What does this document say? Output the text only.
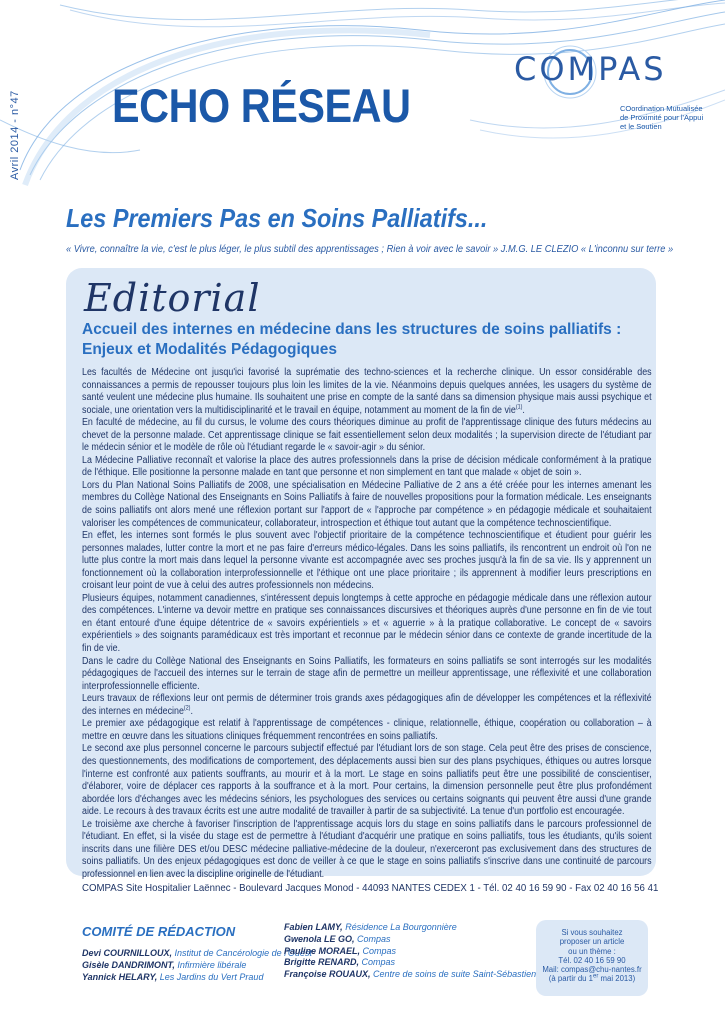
Avril 2014 - n°47 ECHO RÉSEAU
COMPAS
COordination Mutualisée
de Proximité pour l'Appui
et le Soutien
Les Premiers Pas en Soins Palliatifs...
« Vivre, connaître la vie, c'est le plus léger, le plus subtil des apprentissages ; Rien à voir avec le savoir » J.M.G. LE CLEZIO « L'inconnu sur terre »
Editorial
Accueil des internes en médecine dans les structures de soins palliatifs :
Enjeux et Modalités Pédagogiques

Les facultés de Médecine ont jusqu'ici favorisé la suprématie des techno-sciences et la recherche clinique. Un essor considérable des connaissances a permis de repousser toujours plus loin les limites de la vie. Néanmoins depuis quelques années, les usagers du système de santé veulent une médecine plus humaine. Ils souhaitent une prise en compte de la santé dans sa dimension physique mais aussi psychique et sociale, une orientation vers la multidisciplinarité et le travail en équipe, notamment au moment de la fin de vie$^{(1)}$.

En faculté de médecine, au fil du cursus, le volume des cours théoriques diminue au profit de l'apprentissage clinique des futurs médecins au chevet de la personne malade. Cet apprentissage clinique se fait essentiellement selon deux modalités ; la supervision directe de l'étudiant par le médecin sénior et le modèle de rôle où l'étudiant regarde le « savoir-agir » du sénior.

La Médecine Palliative reconnaît et valorise la place des autres professionnels dans la prise de décision médicale conformément à la pratique de l'éthique. Elle positionne la personne malade en tant que personne et non simplement en tant que malade « objet de soin ».

Lors du Plan National Soins Palliatifs de 2008, une spécialisation en Médecine Palliative de 2 ans a été créée pour les internes amenant les membres du Collège National des Enseignants en Soins Palliatifs à faire de nouvelles propositions pour la formation médicale. Les enseignants de soins palliatifs ont alors mené une réflexion portant sur l'apport de « l'approche par compétence » en pédagogie médicale et souhaitaient valoriser les compétences de communicateur, collaborateur, introspection et éthique tout autant que la compétence technoscientifique.

En effet, les internes sont formés le plus souvent avec l'objectif prioritaire de la compétence technoscientifique et étudient pour guérir les personnes malades, lutter contre la mort et ne pas faire d'erreurs médico-légales. Dans les soins palliatifs, ils rencontrent un endroit où l'on ne lutte plus contre la mort mais dans lequel la personne vivante est accompagnée avec ses proches jusqu'à la fin de sa vie. Ils y apprennent un fonctionnement où la collaboration interprofessionnelle et l'éthique ont une place prioritaire ; ils apprennent à modifier leurs prescriptions en croisant leur point de vue à celui des autres professionnels non médecins.

Plusieurs équipes, notamment canadiennes, s'intéressent depuis longtemps à cette approche en pédagogie médicale dans une réflexion autour des compétences. L'interne va devoir mettre en pratique ses connaissances discursives et théoriques auprès d'une personne en fin de vie tout en étant entouré d'une équipe détentrice de « savoirs expérientiels » et « aguerrie » à la pratique collaborative. Le concept de « savoirs expérientiels » des soignants paramédicaux est très important et reconnue par le médecin sénior dans ce contexte de grande incertitude de la fin de vie.

Dans le cadre du Collège National des Enseignants en Soins Palliatifs, les formateurs en soins palliatifs se sont interrogés sur les modalités pédagogiques de l'accueil des internes sur le terrain de stage afin de permettre un meilleur apprentissage, une réflexivité et une collaboration interprofessionnelle efficiente.

Leurs travaux de réflexions leur ont permis de déterminer trois grands axes pédagogiques afin de développer les compétences et la réflexivité des internes en médecine$^{(2)}$.

Le premier axe pédagogique est relatif à l'apprentissage de compétences - clinique, relationnelle, éthique, coopération ou collaboration – à mettre en œuvre dans les situations cliniques fréquemment rencontrées en soins palliatifs.

Le second axe plus personnel concerne le parcours subjectif effectué par l'étudiant lors de son stage. Cela peut être des prises de conscience, des questionnements, des modifications de comportement, des déplacements aussi bien sur des plans psychiques, éthiques ou autres lorsque l'interne est confronté aux patients souffrants, au mourir et à la mort. Le stage en soins palliatifs peut être une possibilité de conscientiser, d'élaborer, voire de déplacer ces rapports à la souffrance et à la mort. Pour certains, la dimension personnelle peut être plus profondément abordée lors d'échanges avec les médecins séniors, les psychologues des services ou certains soignants qui peuvent être aussi d'une grande aide. Le recours à des travaux écrits est une autre modalité de travailler à partir de sa subjectivité. La tenue d'un portfolio est encouragée.

Le troisième axe cherche à favoriser l'inscription de l'apprentissage acquis lors du stage en soins palliatifs dans le parcours professionnel de l'étudiant. En effet, si la visée du stage est de permettre à l'étudiant d'acquérir une pratique en soins palliatifs, tous les étudiants, qu'ils soient inscrits dans une filière DES et/ou DESC médecine palliative-médecine de la douleur, n'exerceront pas exclusivement dans des structures de soins palliatifs. Un des enjeux pédagogiques est donc de veiller à ce que le stage en soins palliatifs s'inscrive dans une continuité de parcours professionnel en lien avec la discipline originelle de l'étudiant.

COMPAS Site Hospitalier Laënnec - Boulevard Jacques Monod - 44093 NANTES CEDEX 1 - Tél. 02 40 16 59 90 - Fax 02 40 16 56 41
COMITÉ DE RÉDACTION
Devi COURNILLOUX, Institut de Cancérologie de l'Ouest
Gisèle DANDRIMONT, Infirmière libérale
Yannick HELARY, Les Jardins du Vert Praud
Fabien LAMY, Résidence La Bourgonnière
Gwenola LE GO, Compas
Pauline MORAEL, Compas
Brigitte RENARD, Compas
Françoise ROUAUX, Centre de soins de suite Saint-Sébastien
Si vous souhaitez
proposer un article
ou un thème :
Tél. 02 40 16 59 90
Mail: compas@chu-nantes.fr
(à partir du 1er mai 2013)
